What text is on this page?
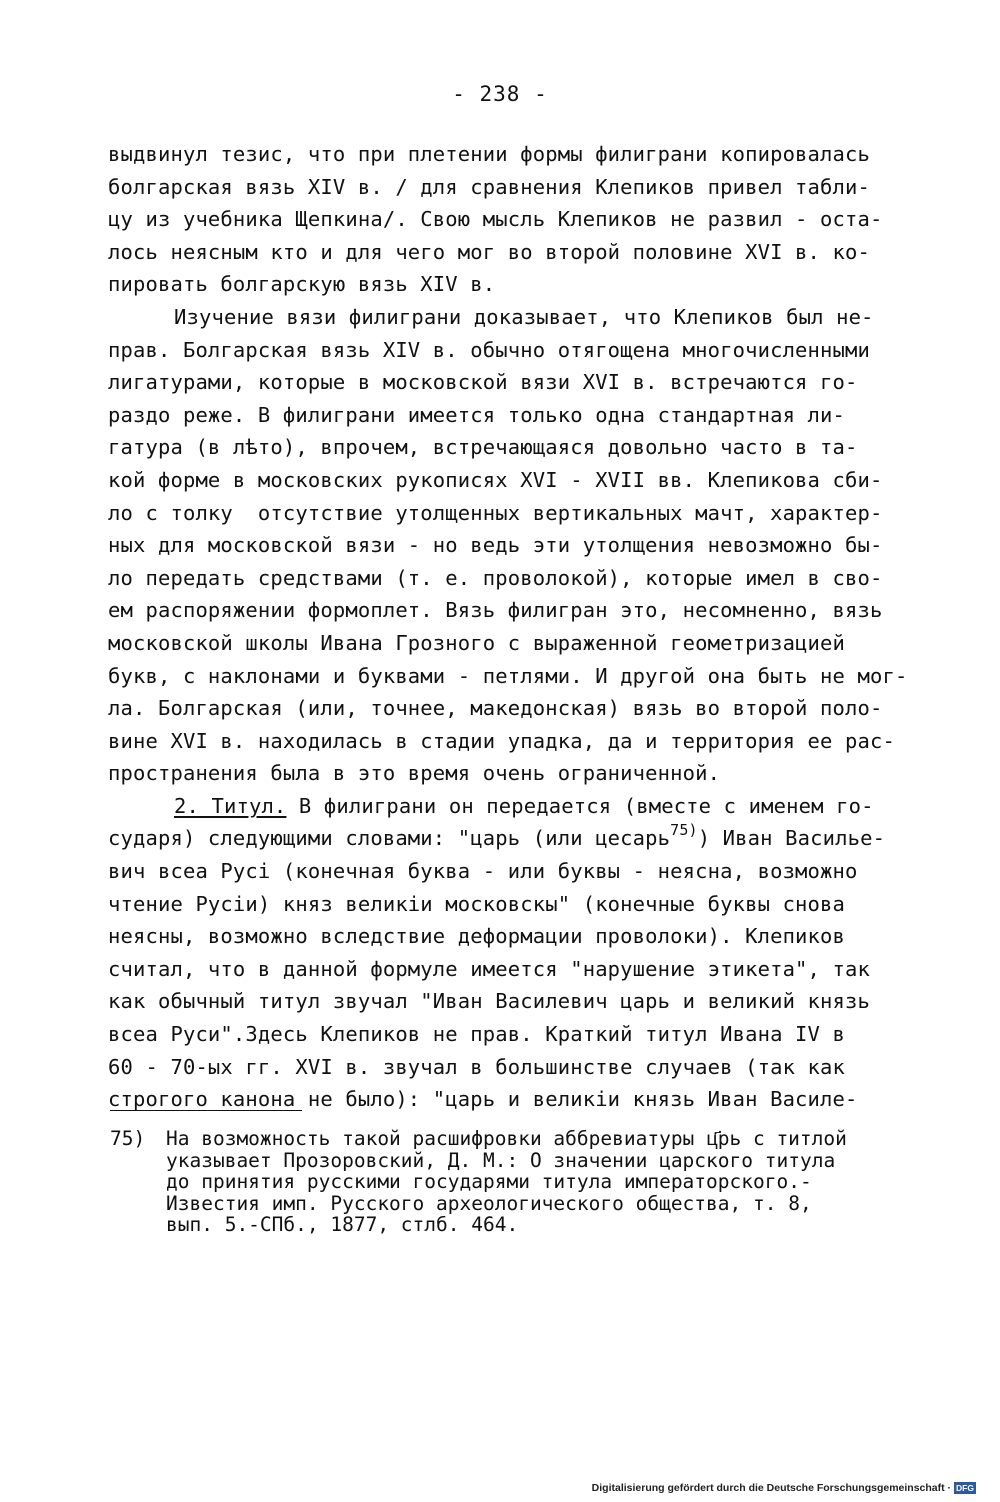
- 238 -
выдвинул тезис, что при плетении формы филиграни копировалась
болгарская вязь XIV в. / для сравнения Клепиков привел табли-
цу из учебника Щепкина/. Свою мысль Клепиков не развил - оста-
лось неясным кто и для чего мог во второй половине XVI в. ко-
пировать болгарскую вязь XIV в.
Изучение вязи филиграни доказывает, что Клепиков был не-
прав. Болгарская вязь XIV в. обычно отягощена многочисленными
лигатурами, которые в московской вязи XVI в. встречаются го-
раздо реже. В филиграни имеется только одна стандартная ли-
гатура (в лѣто), впрочем, встречающаяся довольно часто в та-
кой форме в московских рукописях XVI - XVII вв. Клепикова сби-
ло с толку  отсутствие утолщенных вертикальных мачт, характер-
ных для московской вязи - но ведь эти утолщения невозможно бы-
ло передать средствами (т. е. проволокой), которые имел в сво-
ем распоряжении формоплет. Вязь филигран это, несомненно, вязь
московской школы Ивана Грозного с выраженной геометризацией
букв, с наклонами и буквами - петлями. И другой она быть не мог-
ла. Болгарская (или, точнее, македонская) вязь во второй поло-
вине XVI в. находилась в стадии упадка, да и территория ее рас-
пространения была в это время очень ограниченной.
2. Титул. В филиграни он передается (вместе с именем го-
сударя) следующими словами: "царь (или цесарь$^{75)}$) Иван Василье-
вич всеа Русі (конечная буква - или буквы - неясна, возможно
чтение Русіи) княз великіи московскы" (конечные буквы снова
неясны, возможно вследствие деформации проволоки). Клепиков
считал, что в данной формуле имеется "нарушение этикета", так
как обычный титул звучал "Иван Василевич царь и великий князь
всеа Руси".Здесь Клепиков не прав. Краткий титул Ивана IV в
60 - 70-ых гг. XVI в. звучал в большинстве случаев (так как
строгого канона не было): "царь и великіи князь Иван Василе-
75) На возможность такой расшифровки аббревиатуры ц҃рь с титлой
указывает Прозоровский, Д. М.: О значении царского титула
до принятия русскими государями титула императорского.-
Известия имп. Русского археологического общества, т. 8,
вып. 5.-СПб., 1877, стлб. 464.
Digitalisierung gefördert durch die Deutsche Forschungsgemeinschaft · DFG
